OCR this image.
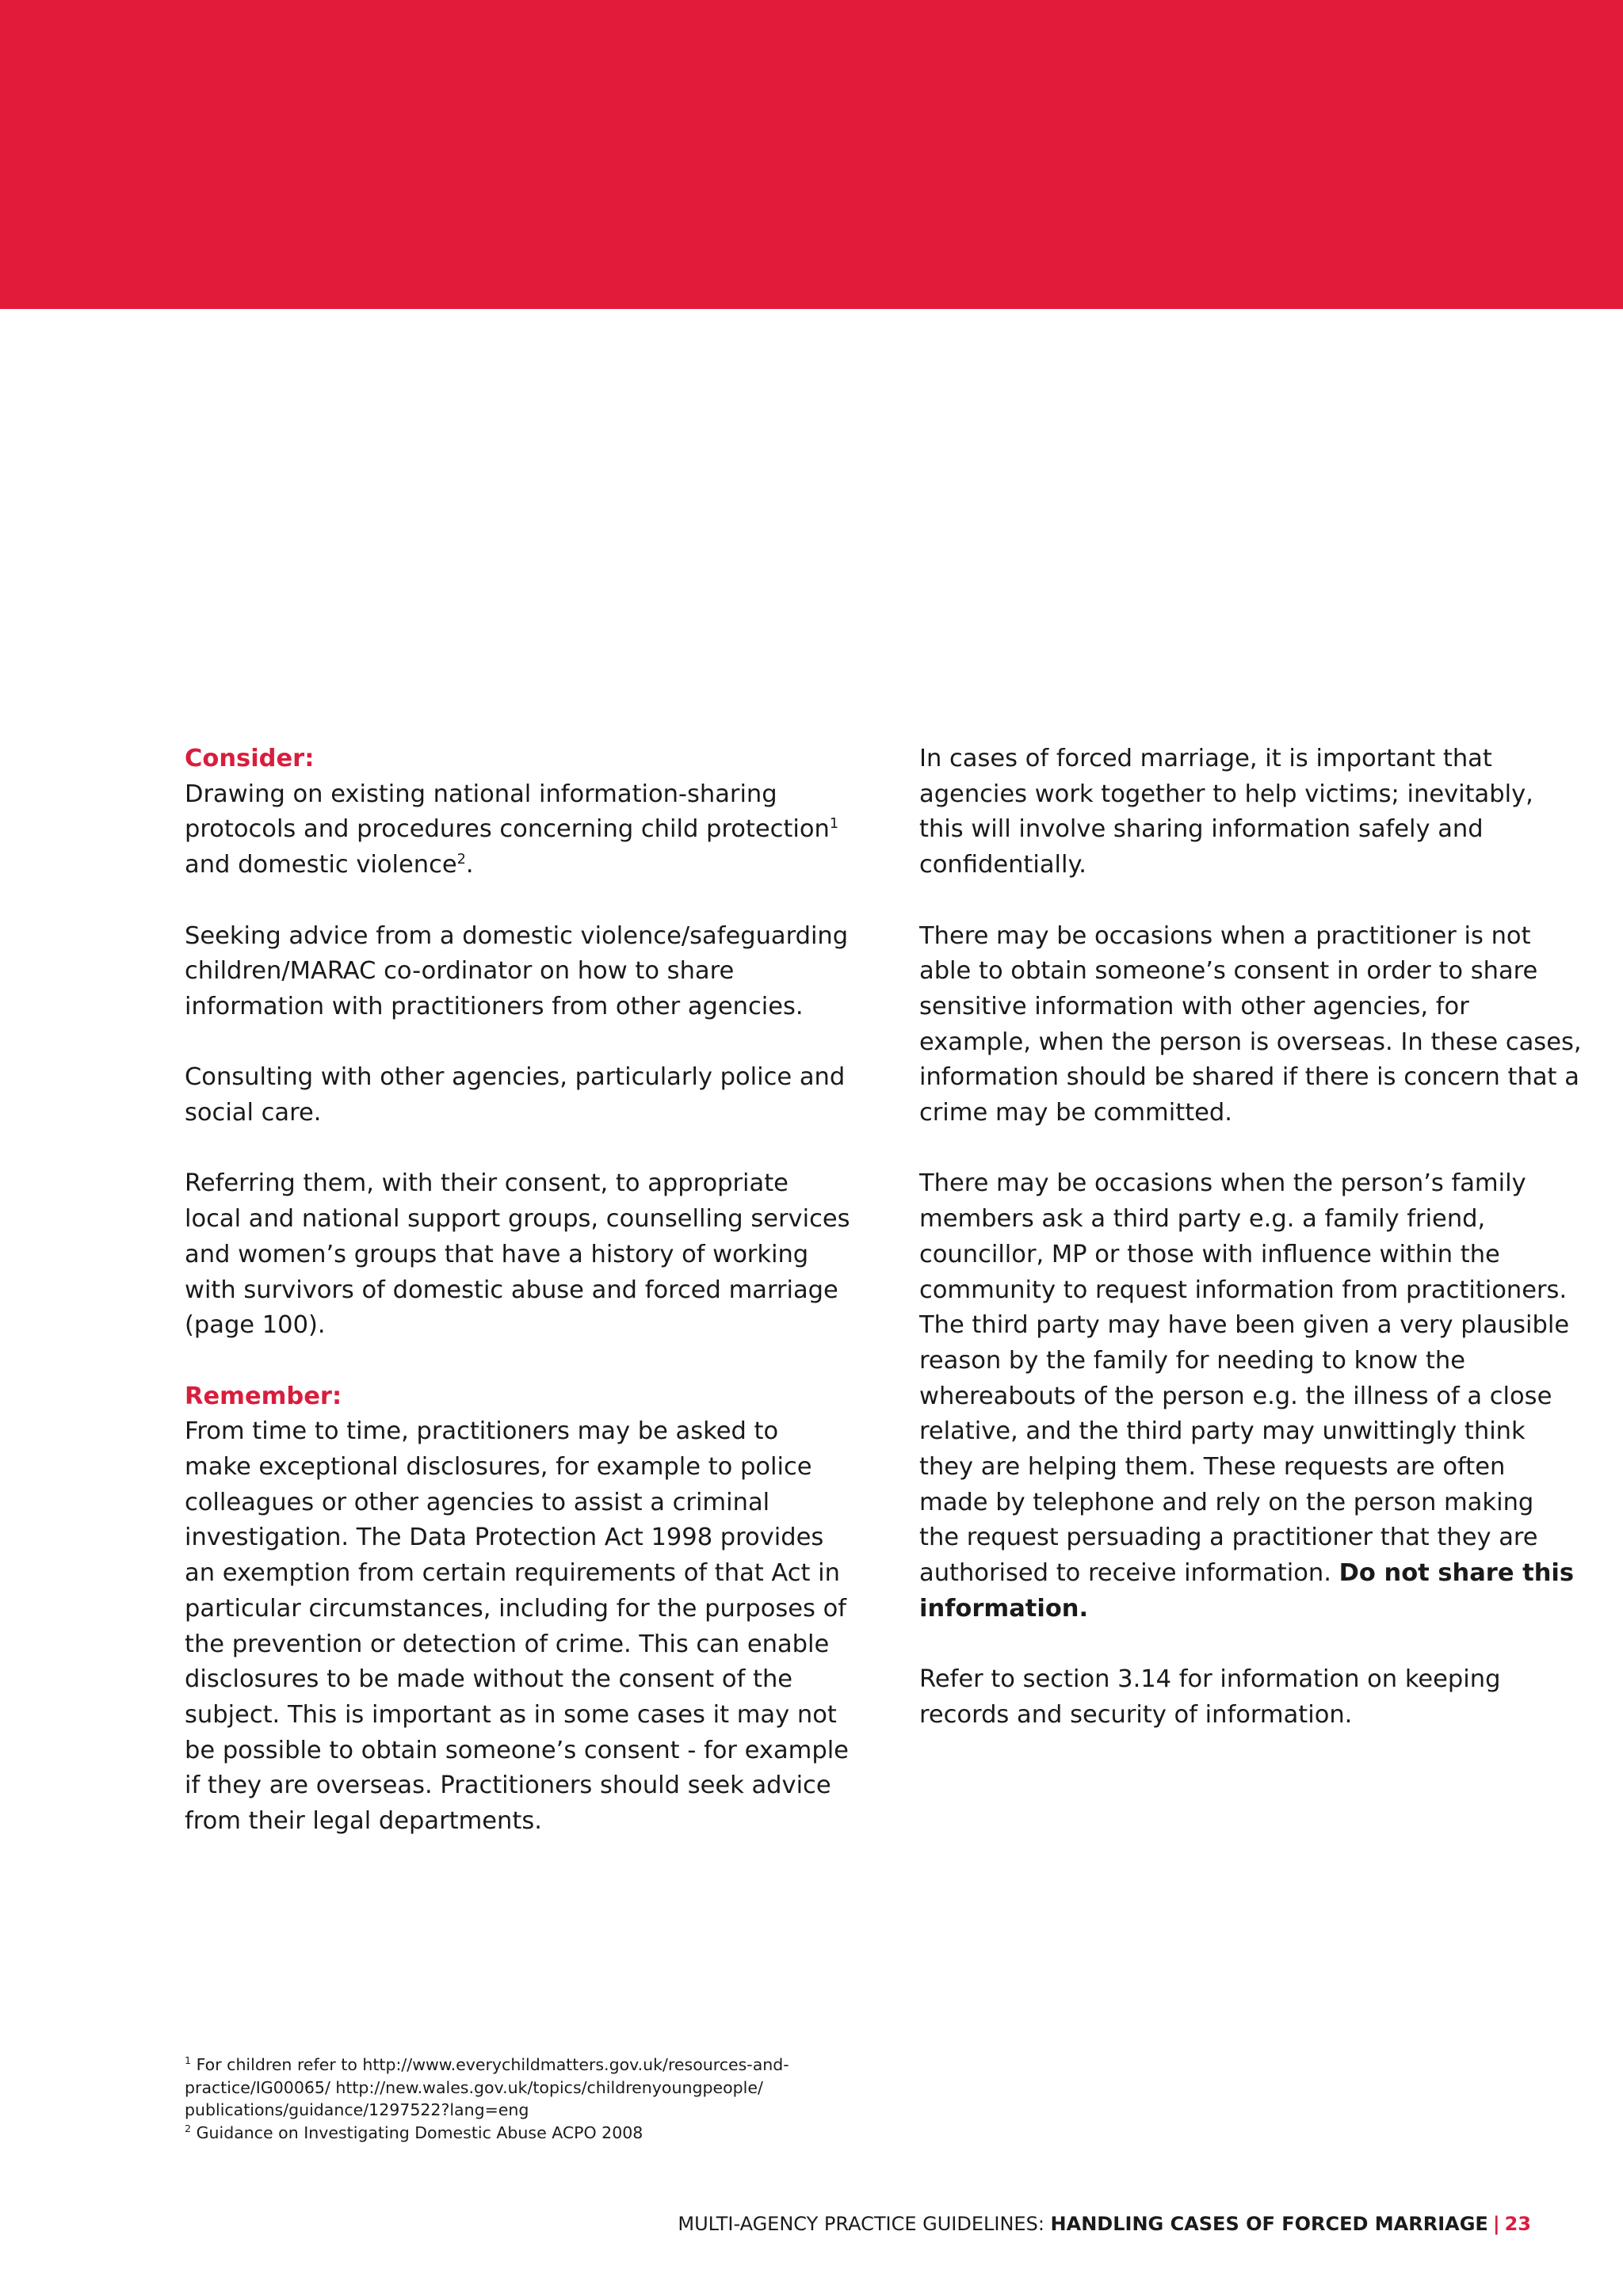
Consider:
Drawing on existing national information-sharing
protocols and procedures concerning child protection$^1$
and domestic violence$^2$.
Seeking advice from a domestic violence/safeguarding
children/MARAC co-ordinator on how to share
information with practitioners from other agencies.
Consulting with other agencies, particularly police and
social care.
Referring them, with their consent, to appropriate
local and national support groups, counselling services
and women’s groups that have a history of working
with survivors of domestic abuse and forced marriage
(page 100).
Remember:
From time to time, practitioners may be asked to
make exceptional disclosures, for example to police
colleagues or other agencies to assist a criminal
investigation. The Data Protection Act 1998 provides
an exemption from certain requirements of that Act in
particular circumstances, including for the purposes of
the prevention or detection of crime. This can enable
disclosures to be made without the consent of the
subject. This is important as in some cases it may not
be possible to obtain someone’s consent - for example
if they are overseas. Practitioners should seek advice
from their legal departments.
In cases of forced marriage, it is important that
agencies work together to help victims; inevitably,
this will involve sharing information safely and
confidentially.
There may be occasions when a practitioner is not
able to obtain someone’s consent in order to share
sensitive information with other agencies, for
example, when the person is overseas. In these cases,
information should be shared if there is concern that a
crime may be committed.
There may be occasions when the person’s family
members ask a third party e.g. a family friend,
councillor, MP or those with influence within the
community to request information from practitioners.
The third party may have been given a very plausible
reason by the family for needing to know the
whereabouts of the person e.g. the illness of a close
relative, and the third party may unwittingly think
they are helping them. These requests are often
made by telephone and rely on the person making
the request persuading a practitioner that they are
authorised to receive information. Do not share this
information.
Refer to section 3.14 for information on keeping
records and security of information.
$^1$ For children refer to http://www.everychildmatters.gov.uk/resources-and-
practice/IG00065/ http://new.wales.gov.uk/topics/childrenyoungpeople/
publications/guidance/1297522?lang=eng
$^2$ Guidance on Investigating Domestic Abuse ACPO 2008
MULTI-AGENCY PRACTICE GUIDELINES: HANDLING CASES OF FORCED MARRIAGE | 23
